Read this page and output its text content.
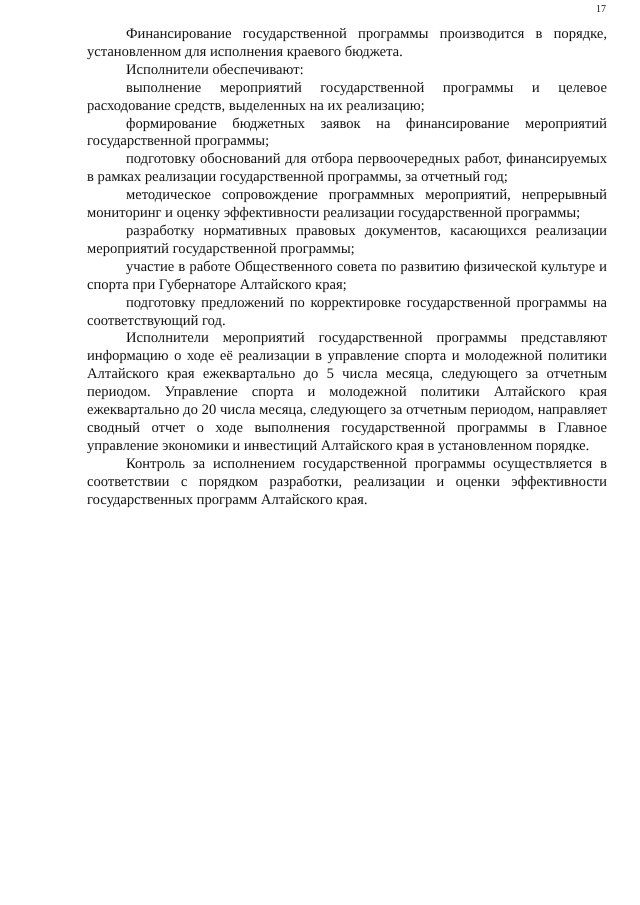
17

Финансирование государственной программы производится в порядке, установленном для исполнения краевого бюджета.

Исполнители обеспечивают:

выполнение мероприятий государственной программы и целевое расходование средств, выделенных на их реализацию;

формирование бюджетных заявок на финансирование мероприятий государственной программы;

подготовку обоснований для отбора первоочередных работ, финансируемых в рамках реализации государственной программы, за отчетный год;

методическое сопровождение программных мероприятий, непрерывный мониторинг и оценку эффективности реализации государственной программы;

разработку нормативных правовых документов, касающихся реализации мероприятий государственной программы;

участие в работе Общественного совета по развитию физической культуре и спорта при Губернаторе Алтайского края;

подготовку предложений по корректировке государственной программы на соответствующий год.

Исполнители мероприятий государственной программы представляют информацию о ходе её реализации в управление спорта и молодежной политики Алтайского края ежеквартально до 5 числа месяца, следующего за отчетным периодом. Управление спорта и молодежной политики Алтайского края ежеквартально до 20 числа месяца, следующего за отчетным периодом, направляет сводный отчет о ходе выполнения государственной программы в Главное управление экономики и инвестиций Алтайского края в установленном порядке.

Контроль за исполнением государственной программы осуществляется в соответствии с порядком разработки, реализации и оценки эффективности государственных программ Алтайского края.
